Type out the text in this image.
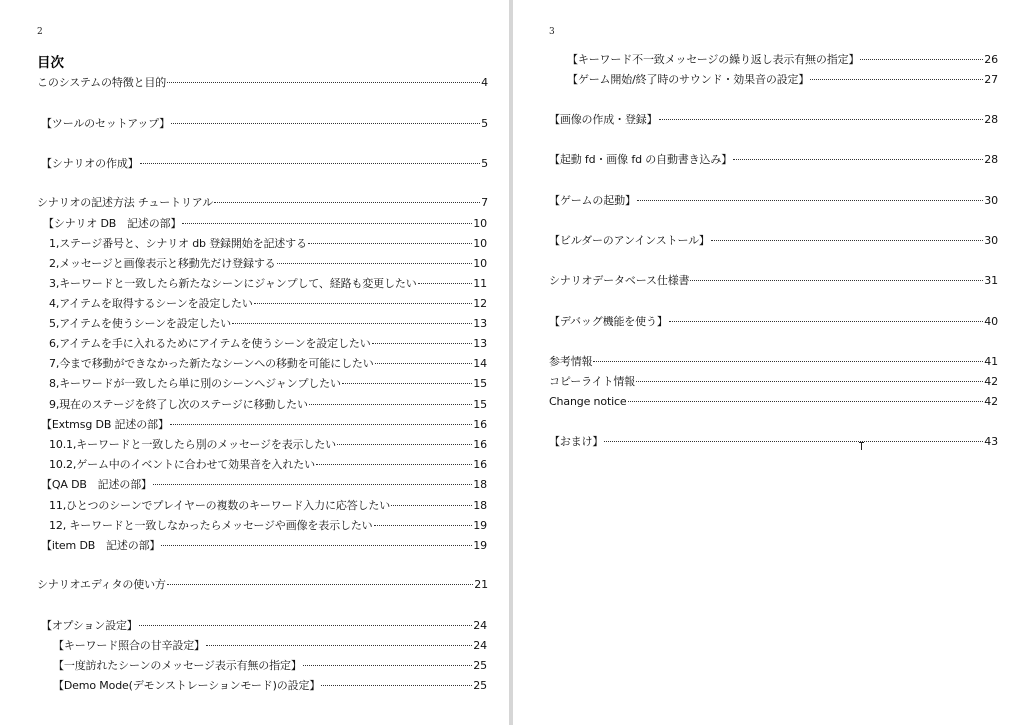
2
目次
このシステムの特徴と目的	4
【ツールのセットアップ】	5
【シナリオの作成】	5
シナリオの記述方法 チュートリアル	7
【シナリオ DB　記述の部】	10
1,ステージ番号と、シナリオ db 登録開始を記述する	10
2,メッセージと画像表示と移動先だけ登録する	10
3,キーワードと一致したら新たなシーンにジャンプして、経路も変更したい	11
4,アイテムを取得するシーンを設定したい	12
5,アイテムを使うシーンを設定したい	13
6,アイテムを手に入れるためにアイテムを使うシーンを設定したい	13
7,今まで移動ができなかった新たなシーンへの移動を可能にしたい	14
8,キーワードが一致したら単に別のシーンへジャンプしたい	15
9,現在のステージを終了し次のステージに移動したい	15
【Extmsg DB 記述の部】	16
10.1,キーワードと一致したら別のメッセージを表示したい	16
10.2,ゲーム中のイベントに合わせて効果音を入れたい	16
【QA DB　記述の部】	18
11,ひとつのシーンでプレイヤーの複数のキーワード入力に応答したい	18
12, キーワードと一致しなかったらメッセージや画像を表示したい	19
【item DB　記述の部】	19
シナリオエディタの使い方	21
【オプション設定】	24
【キーワード照合の甘辛設定】	24
【一度訪れたシーンのメッセージ表示有無の指定】	25
【Demo Mode(デモンストレーションモード)の設定】	25
3
【キーワード不一致メッセージの繰り返し表示有無の指定】	26
【ゲーム開始/終了時のサウンド・効果音の設定】	27
【画像の作成・登録】	28
【起動 fd・画像 fd の自動書き込み】	28
【ゲームの起動】	30
【ビルダーのアンインストール】	30
シナリオデータベース仕様書	31
【デバッグ機能を使う】	40
参考情報	41
コピーライト情報	42
Change notice	42
【おまけ】	43
